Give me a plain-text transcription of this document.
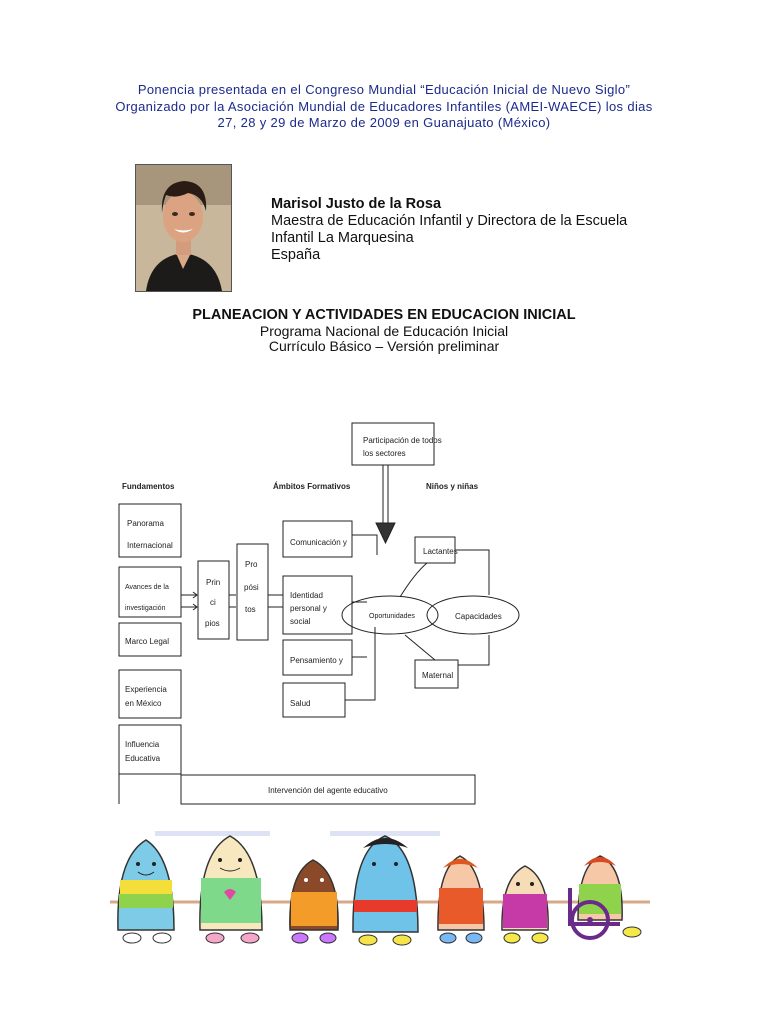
Ponencia presentada en el Congreso Mundial “Educación Inicial de Nuevo Siglo”
Organizado por la Asociación Mundial de Educadores Infantiles (AMEI-WAECE) los dias
27, 28 y 29 de Marzo de 2009 en Guanajuato (México)
Marisol Justo de la Rosa
Maestra de Educación Infantil y Directora de la Escuela
Infantil La Marquesina
España
PLANEACION Y ACTIVIDADES EN EDUCACION INICIAL
Programa Nacional de Educación Inicial
Currículo Básico – Versión preliminar
Participación de todos
los sectores
Fundamentos	Ámbitos Formativos	Niños y niñas
Panorama
Internacional
Avances de la
investigación
Marco Legal
Experiencia
en México
Influencia
Educativa
Prin
ci
pios
Pro
pósi
tos
Comunicación y
Identidad
personal y
social
Pensamiento y
Salud
Lactantes
Maternal
Oportunidades	Capacidades
Intervención del agente educativo
